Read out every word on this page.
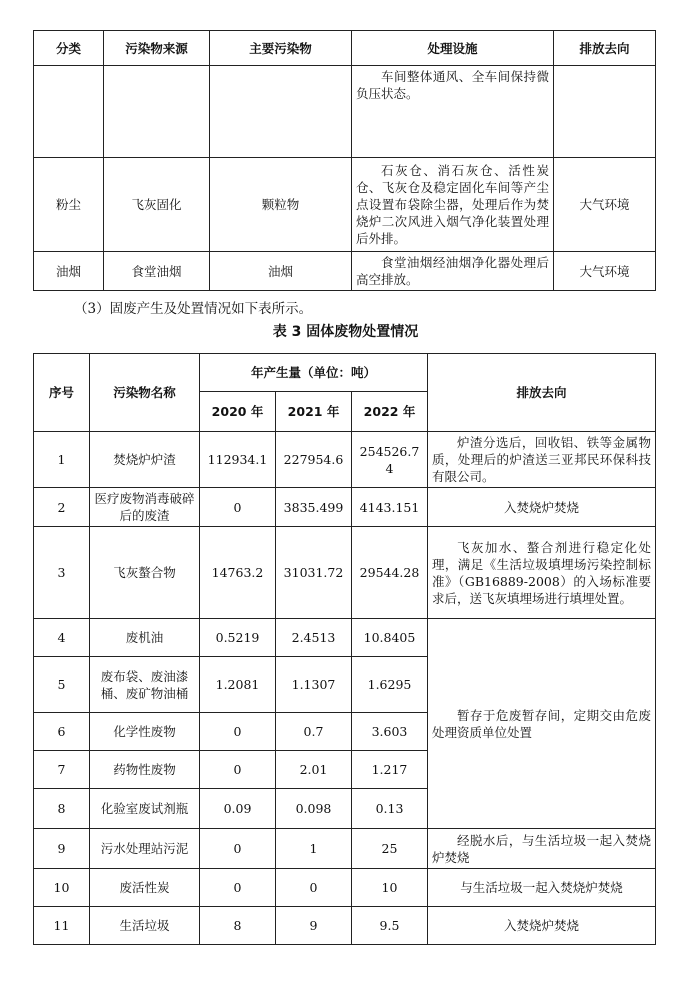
分类	污染物来源	主要污染物	处理设施	排放去向
			车间整体通风、全车间保持微负压状态。	
粉尘	飞灰固化	颗粒物	石灰仓、消石灰仓、活性炭仓、飞灰仓及稳定固化车间等产尘点设置布袋除尘器，处理后作为焚烧炉二次风进入烟气净化装置处理后外排。	大气环境
油烟	食堂油烟	油烟	食堂油烟经油烟净化器处理后高空排放。	大气环境
（3）固废产生及处置情况如下表所示。
表 3 固体废物处置情况
序号	污染物名称	年产生量（单位：吨）			排放去向
		2020 年	2021 年	2022 年	
1	焚烧炉炉渣	112934.1	227954.6	254526.74	炉渣分选后，回收铝、铁等金属物质，处理后的炉渣送三亚邦民环保科技有限公司。
2	医疗废物消毒破碎后的废渣	0	3835.499	4143.151	入焚烧炉焚烧
3	飞灰螯合物	14763.2	31031.72	29544.28	飞灰加水、螯合剂进行稳定化处理，满足《生活垃圾填埋场污染控制标准》（GB16889-2008）的入场标准要求后，送飞灰填埋场进行填埋处置。
4	废机油	0.5219	2.4513	10.8405	暂存于危废暂存间，定期交由危废处理资质单位处置
5	废布袋、废油漆桶、废矿物油桶	1.2081	1.1307	1.6295	
6	化学性废物	0	0.7	3.603	
7	药物性废物	0	2.01	1.217	
8	化验室废试剂瓶	0.09	0.098	0.13	
9	污水处理站污泥	0	1	25	经脱水后，与生活垃圾一起入焚烧炉焚烧
10	废活性炭	0	0	10	与生活垃圾一起入焚烧炉焚烧
11	生活垃圾	8	9	9.5	入焚烧炉焚烧
